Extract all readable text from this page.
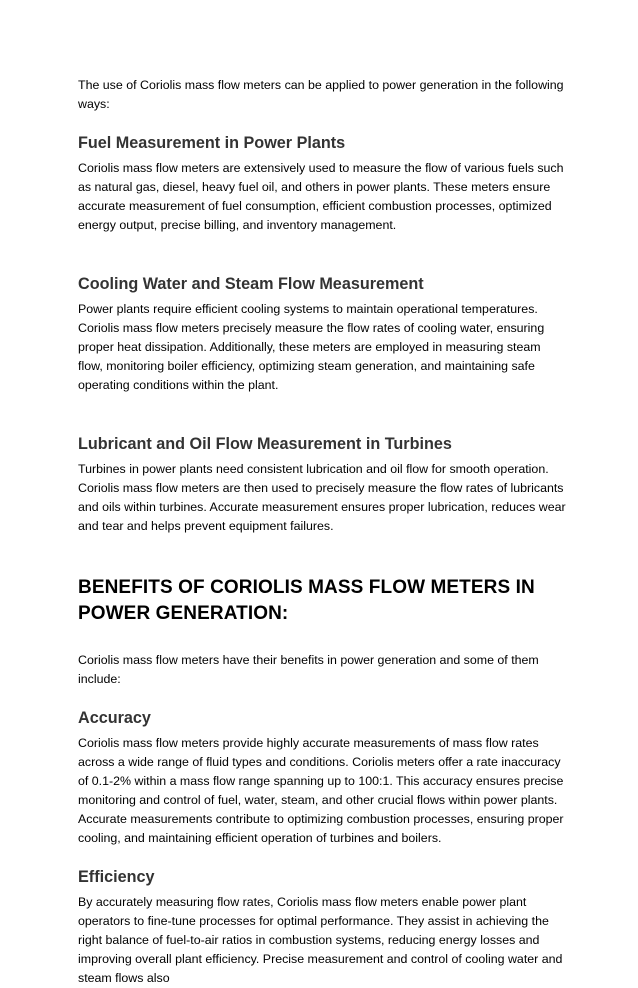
The use of Coriolis mass flow meters can be applied to power generation in the following ways:

Fuel Measurement in Power Plants

Coriolis mass flow meters are extensively used to measure the flow of various fuels such as natural gas, diesel, heavy fuel oil, and others in power plants. These meters ensure accurate measurement of fuel consumption, efficient combustion processes, optimized energy output, precise billing, and inventory management.

Cooling Water and Steam Flow Measurement

Power plants require efficient cooling systems to maintain operational temperatures. Coriolis mass flow meters precisely measure the flow rates of cooling water, ensuring proper heat dissipation. Additionally, these meters are employed in measuring steam flow, monitoring boiler efficiency, optimizing steam generation, and maintaining safe operating conditions within the plant.

Lubricant and Oil Flow Measurement in Turbines

Turbines in power plants need consistent lubrication and oil flow for smooth operation. Coriolis mass flow meters are then used to precisely measure the flow rates of lubricants and oils within turbines. Accurate measurement ensures proper lubrication, reduces wear and tear and helps prevent equipment failures.

BENEFITS OF CORIOLIS MASS FLOW METERS IN POWER GENERATION:

Coriolis mass flow meters have their benefits in power generation and some of them include:

Accuracy

Coriolis mass flow meters provide highly accurate measurements of mass flow rates across a wide range of fluid types and conditions. Coriolis meters offer a rate inaccuracy of 0.1-2% within a mass flow range spanning up to 100:1. This accuracy ensures precise monitoring and control of fuel, water, steam, and other crucial flows within power plants. Accurate measurements contribute to optimizing combustion processes, ensuring proper cooling, and maintaining efficient operation of turbines and boilers.

Efficiency

By accurately measuring flow rates, Coriolis mass flow meters enable power plant operators to fine-tune processes for optimal performance. They assist in achieving the right balance of fuel-to-air ratios in combustion systems, reducing energy losses and improving overall plant efficiency. Precise measurement and control of cooling water and steam flows also
